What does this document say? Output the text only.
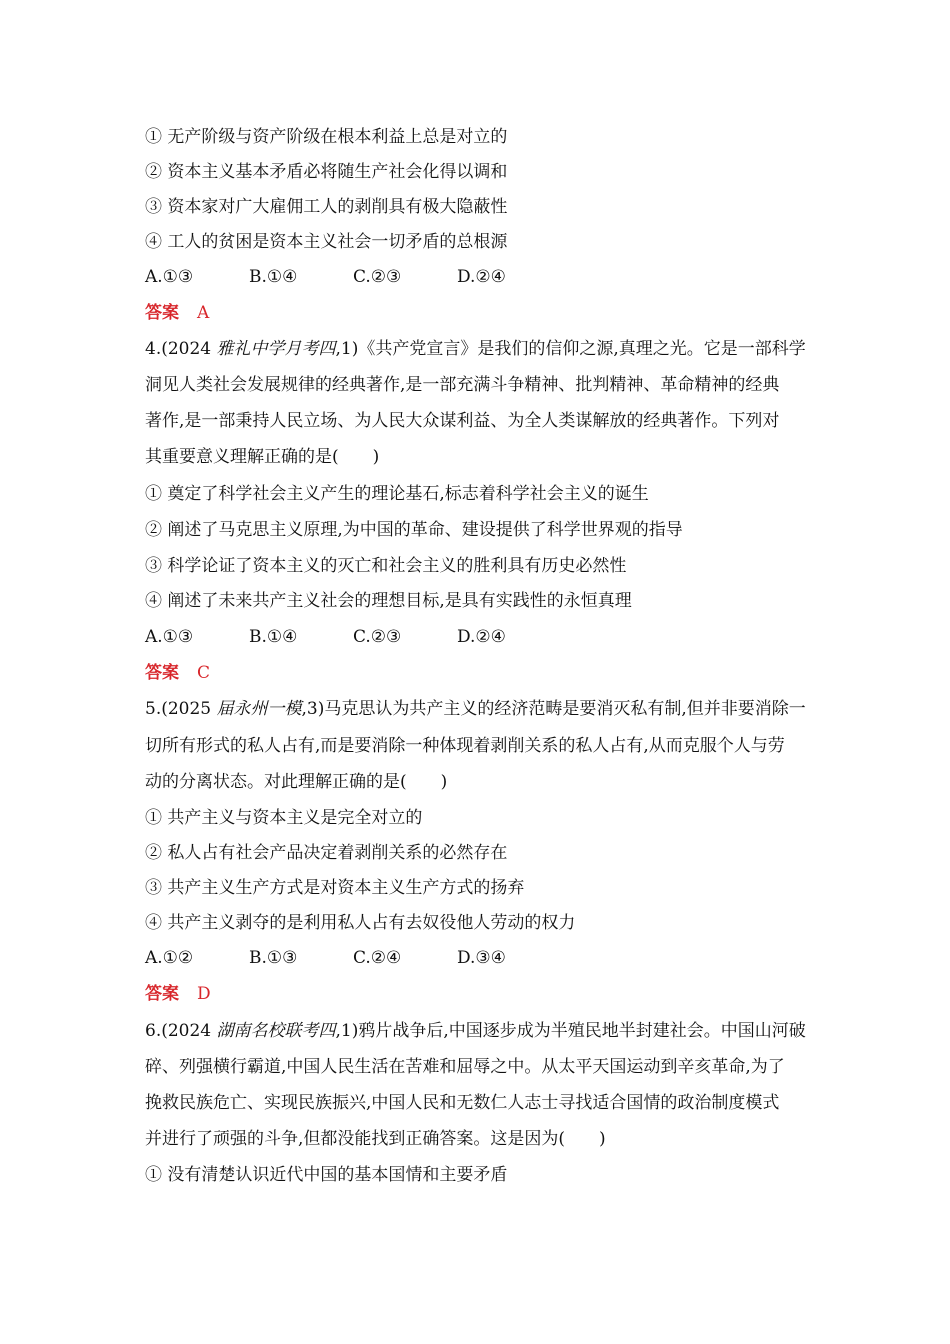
① 无产阶级与资产阶级在根本利益上总是对立的
② 资本主义基本矛盾必将随生产社会化得以调和
③ 资本家对广大雇佣工人的剥削具有极大隐蔽性
④ 工人的贫困是资本主义社会一切矛盾的总根源
A.①③	B.①④	C.②③	D.②④
答案 A
4.(2024 雅礼中学月考四,1)《共产党宣言》是我们的信仰之源,真理之光。它是一部科学
洞见人类社会发展规律的经典著作,是一部充满斗争精神、批判精神、革命精神的经典
著作,是一部秉持人民立场、为人民大众谋利益、为全人类谋解放的经典著作。下列对
其重要意义理解正确的是(　　)
① 奠定了科学社会主义产生的理论基石,标志着科学社会主义的诞生
② 阐述了马克思主义原理,为中国的革命、建设提供了科学世界观的指导
③ 科学论证了资本主义的灭亡和社会主义的胜利具有历史必然性
④ 阐述了未来共产主义社会的理想目标,是具有实践性的永恒真理
A.①③	B.①④	C.②③	D.②④
答案 C
5.(2025 届永州一模,3)马克思认为共产主义的经济范畴是要消灭私有制,但并非要消除一
切所有形式的私人占有,而是要消除一种体现着剥削关系的私人占有,从而克服个人与劳
动的分离状态。对此理解正确的是(　　)
① 共产主义与资本主义是完全对立的
② 私人占有社会产品决定着剥削关系的必然存在
③ 共产主义生产方式是对资本主义生产方式的扬弃
④ 共产主义剥夺的是利用私人占有去奴役他人劳动的权力
A.①②	B.①③	C.②④	D.③④
答案 D
6.(2024 湖南名校联考四,1)鸦片战争后,中国逐步成为半殖民地半封建社会。中国山河破
碎、列强横行霸道,中国人民生活在苦难和屈辱之中。从太平天国运动到辛亥革命,为了
挽救民族危亡、实现民族振兴,中国人民和无数仁人志士寻找适合国情的政治制度模式
并进行了顽强的斗争,但都没能找到正确答案。这是因为(　　)
① 没有清楚认识近代中国的基本国情和主要矛盾
